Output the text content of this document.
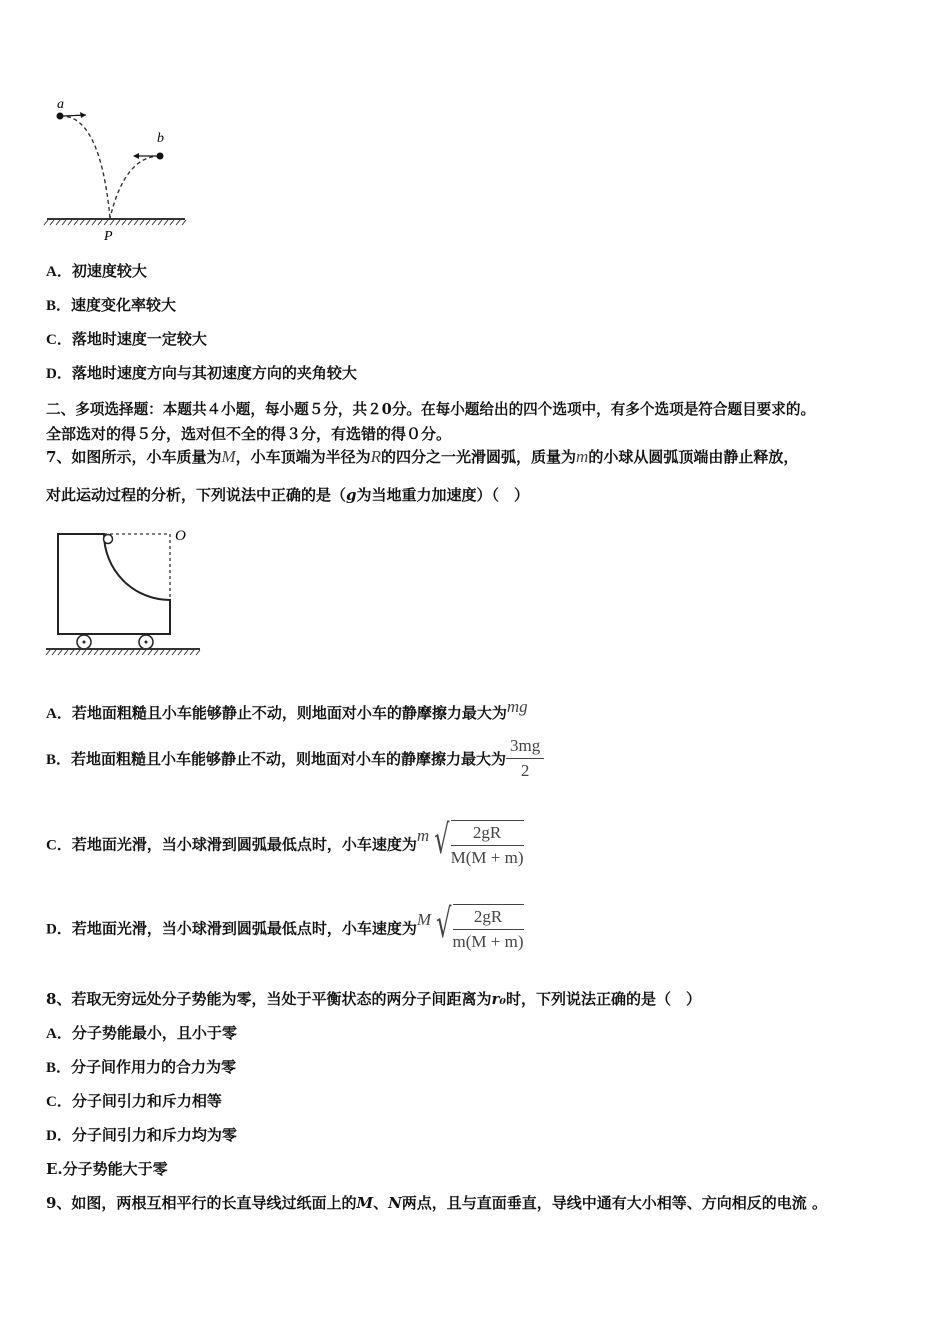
a
b
P
A．初速度较大
B．速度变化率较大
C．落地时速度一定较大
D．落地时速度方向与其初速度方向的夹角较大
二、多项选择题：本题共４小题，每小题５分，共２0分。在每小题给出的四个选项中，有多个选项是符合题目要求的。
全部选对的得５分，选对但不全的得３分，有选错的得０分。
7、如图所示，小车质量为M，小车顶端为半径为R的四分之一光滑圆弧，质量为m的小球从圆弧顶端由静止释放，
对此运动过程的分析，下列说法中正确的是（g为当地重力加速度）（　）
O
A．若地面粗糙且小车能够静止不动，则地面对小车的静摩擦力最大为mg
B．若地面粗糙且小车能够静止不动，则地面对小车的静摩擦力最大为 $\frac{3mg}{2}$
C．若地面光滑，当小球滑到圆弧最低点时，小车速度为m √ $\frac{2gR}{M(M + m)}$
D．若地面光滑，当小球滑到圆弧最低点时，小车速度为M √ $\frac{2gR}{m(M + m)}$
8、若取无穷远处分子势能为零，当处于平衡状态的两分子间距离为r₀时，下列说法正确的是（　）
A．分子势能最小，且小于零
B．分子间作用力的合力为零
C．分子间引力和斥力相等
D．分子间引力和斥力均为零
E.分子势能大于零
9、如图，两根互相平行的长直导线过纸面上的M、N两点，且与直面垂直，导线中通有大小相等、方向相反的电流 。
